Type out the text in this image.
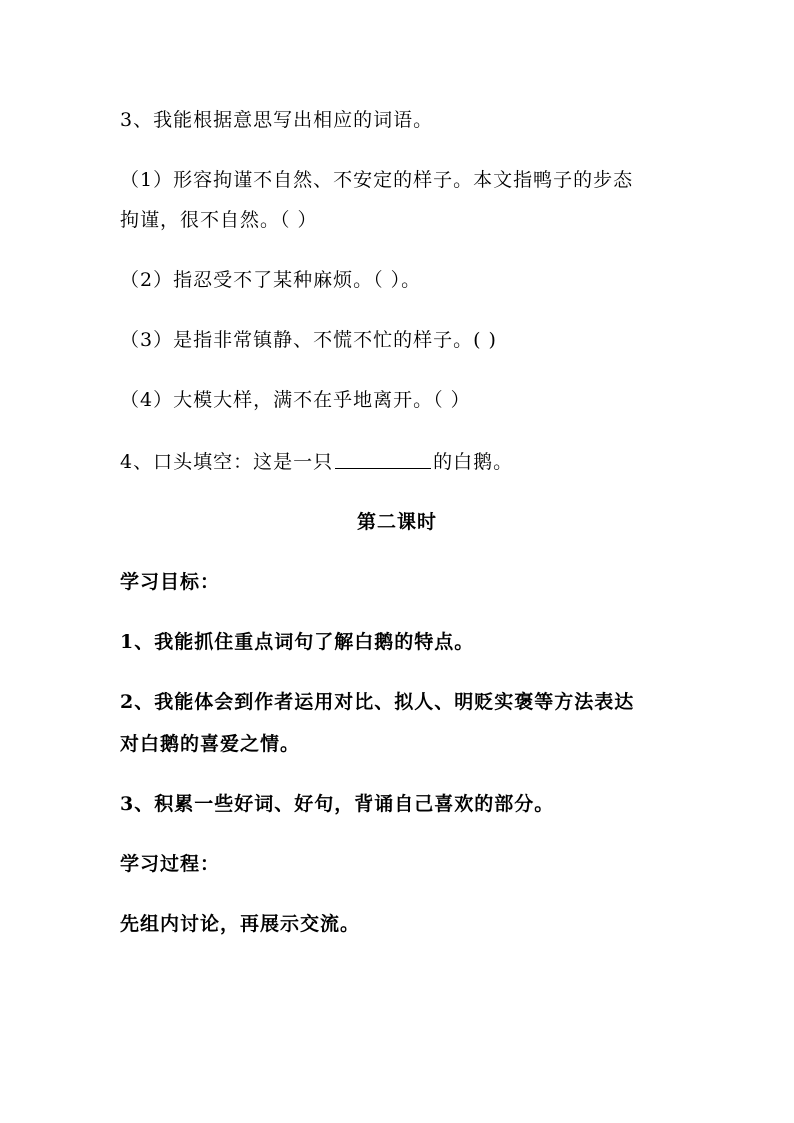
3、我能根据意思写出相应的词语。
（1）形容拘谨不自然、不安定的样子。本文指鸭子的步态
拘谨，很不自然。（ ）
（2）指忍受不了某种麻烦。（ ）。
（3）是指非常镇静、不慌不忙的样子。( )
（4）大模大样，满不在乎地离开。（ ）
4、口头填空：这是一只	的白鹅。
第二课时
学习目标：
1、我能抓住重点词句了解白鹅的特点。
2、我能体会到作者运用对比、拟人、明贬实褒等方法表达
对白鹅的喜爱之情。
3、积累一些好词、好句，背诵自己喜欢的部分。
学习过程：
先组内讨论，再展示交流。
